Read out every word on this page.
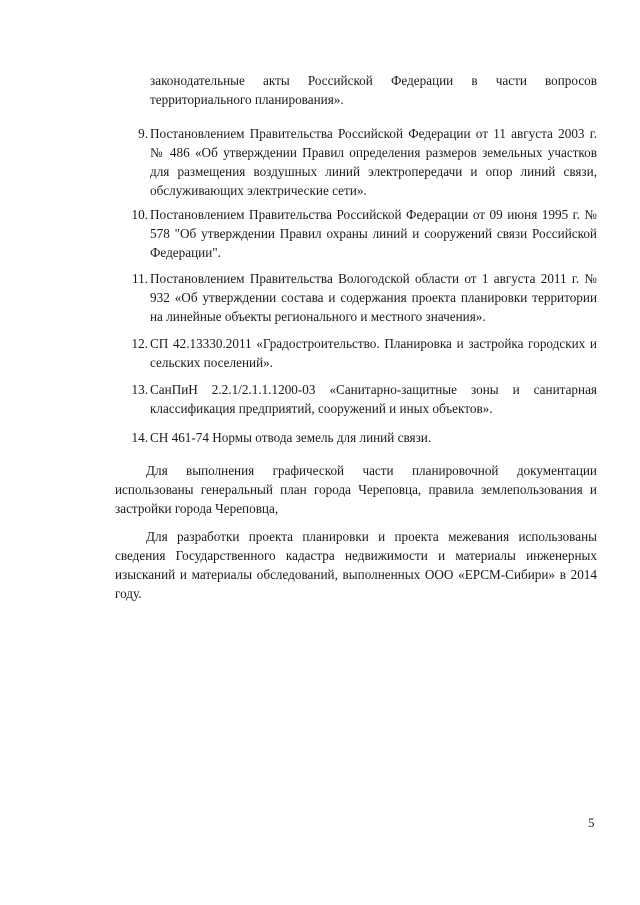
законодательные акты Российской Федерации в части вопросов территориального планирования».
9. Постановлением Правительства Российской Федерации от 11 августа 2003 г. № 486 «Об утверждении Правил определения размеров земельных участков для размещения воздушных линий электропередачи и опор линий связи, обслуживающих электрические сети».
10. Постановлением Правительства Российской Федерации от 09 июня 1995 г. № 578 "Об утверждении Правил охраны линий и сооружений связи Российской Федерации".
11. Постановлением Правительства Вологодской области от 1 августа 2011 г. № 932 «Об утверждении состава и содержания проекта планировки территории на линейные объекты регионального и местного значения».
12. СП 42.13330.2011 «Градостроительство. Планировка и застройка городских и сельских поселений».
13. СанПиН 2.2.1/2.1.1.1200-03 «Санитарно-защитные зоны и санитарная классификация предприятий, сооружений и иных объектов».
14. СН 461-74 Нормы отвода земель для линий связи.
Для выполнения графической части планировочной документации использованы генеральный план города Череповца, правила землепользования и застройки города Череповца,
Для разработки проекта планировки и проекта межевания использованы сведения Государственного кадастра недвижимости и материалы инженерных изысканий и материалы обследований, выполненных ООО «ЕРСМ-Сибири» в 2014 году.
5
